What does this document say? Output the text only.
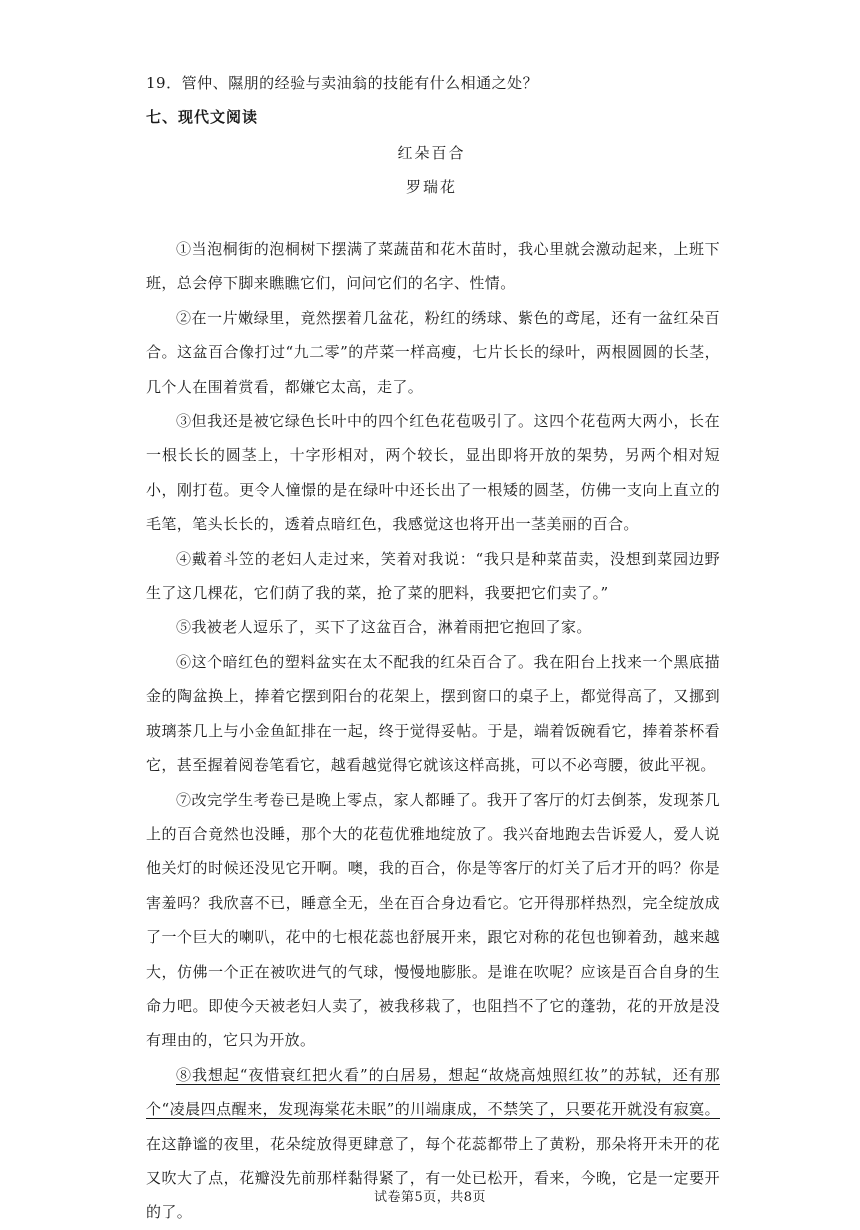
19．管仲、隰朋的经验与卖油翁的技能有什么相通之处？
七、现代文阅读
红朵百合
罗瑞花

①当泡桐街的泡桐树下摆满了菜蔬苗和花木苗时，我心里就会激动起来，上班下班，总会停下脚来瞧瞧它们，问问它们的名字、性情。

②在一片嫩绿里，竟然摆着几盆花，粉红的绣球、紫色的鸢尾，还有一盆红朵百合。这盆百合像打过“九二零”的芹菜一样高瘦，七片长长的绿叶，两根圆圆的长茎，几个人在围着赏看，都嫌它太高，走了。

③但我还是被它绿色长叶中的四个红色花苞吸引了。这四个花苞两大两小，长在一根长长的圆茎上，十字形相对，两个较长，显出即将开放的架势，另两个相对短小，刚打苞。更令人憧憬的是在绿叶中还长出了一根矮的圆茎，仿佛一支向上直立的毛笔，笔头长长的，透着点暗红色，我感觉这也将开出一茎美丽的百合。

④戴着斗笠的老妇人走过来，笑着对我说：“我只是种菜苗卖，没想到菜园边野生了这几棵花，它们荫了我的菜，抢了菜的肥料，我要把它们卖了。”

⑤我被老人逗乐了，买下了这盆百合，淋着雨把它抱回了家。

⑥这个暗红色的塑料盆实在太不配我的红朵百合了。我在阳台上找来一个黑底描金的陶盆换上，捧着它摆到阳台的花架上，摆到窗口的桌子上，都觉得高了，又挪到玻璃茶几上与小金鱼缸排在一起，终于觉得妥帖。于是，端着饭碗看它，捧着茶杯看它，甚至握着阅卷笔看它，越看越觉得它就该这样高挑，可以不必弯腰，彼此平视。

⑦改完学生考卷已是晚上零点，家人都睡了。我开了客厅的灯去倒茶，发现茶几上的百合竟然也没睡，那个大的花苞优雅地绽放了。我兴奋地跑去告诉爱人，爱人说他关灯的时候还没见它开啊。噢，我的百合，你是等客厅的灯关了后才开的吗？你是害羞吗？我欣喜不已，睡意全无，坐在百合身边看它。它开得那样热烈，完全绽放成了一个巨大的喇叭，花中的七根花蕊也舒展开来，跟它对称的花包也铆着劲，越来越大，仿佛一个正在被吹进气的气球，慢慢地膨胀。是谁在吹呢？应该是百合自身的生命力吧。即使今天被老妇人卖了，被我移栽了，也阻挡不了它的蓬勃，花的开放是没有理由的，它只为开放。

⑧我想起“夜惜衰红把火看”的白居易，想起“故烧高烛照红妆”的苏轼，还有那个“凌晨四点醒来，发现海棠花未眠”的川端康成，不禁笑了，只要花开就没有寂寞。在这静谧的夜里，花朵绽放得更肆意了，每个花蕊都带上了黄粉，那朵将开未开的花又吹大了点，花瓣没先前那样黏得紧了，有一处已松开，看来，今晚，它是一定要开的了。

试卷第5页，共8页
